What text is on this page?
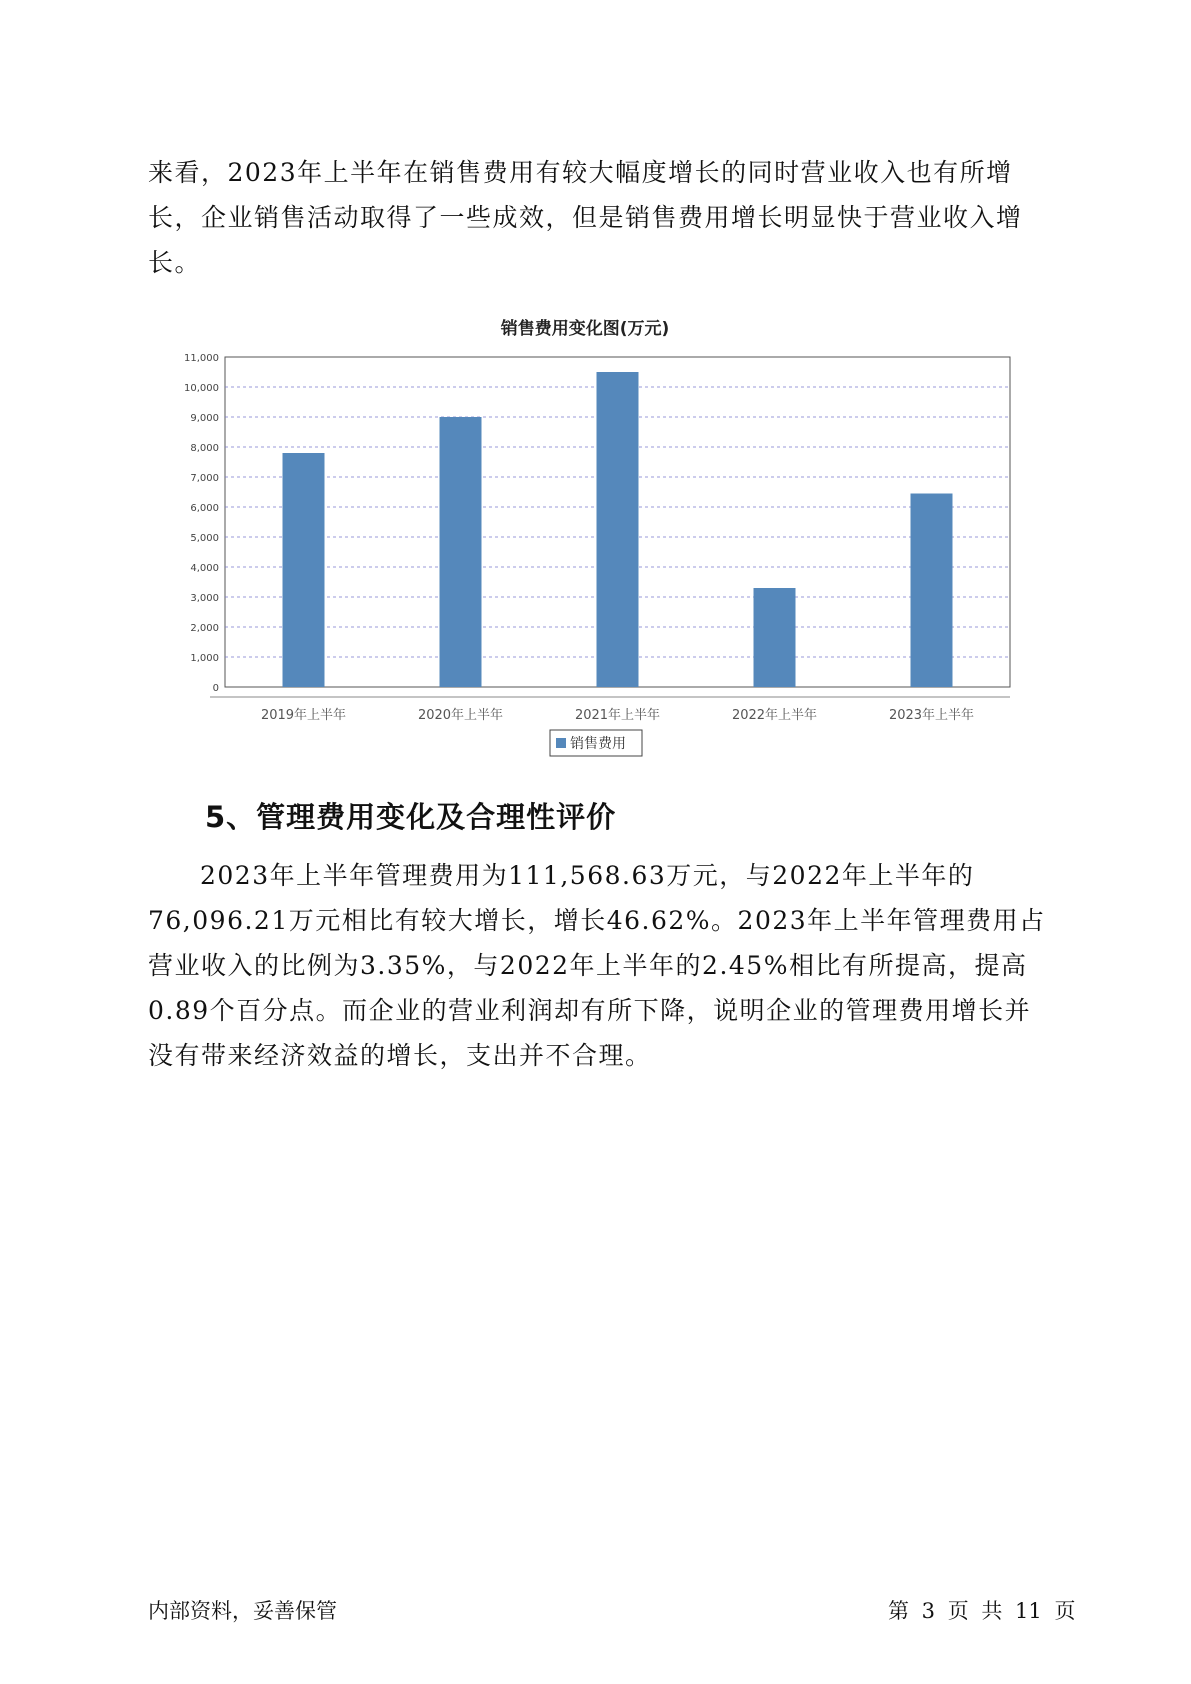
来看，2023年上半年在销售费用有较大幅度增长的同时营业收入也有所增长，企业销售活动取得了一些成效，但是销售费用增长明显快于营业收入增长。

销售费用变化图(万元)
0
1,000
2,000
3,000
4,000
5,000
6,000
7,000
8,000
9,000
10,000
11,000
2019年上半年	2020年上半年	2021年上半年	2022年上半年	2023年上半年
销售费用
5、管理费用变化及合理性评价

2023年上半年管理费用为111,568.63万元，与2022年上半年的76,096.21万元相比有较大增长，增长46.62%。2023年上半年管理费用占营业收入的比例为3.35%，与2022年上半年的2.45%相比有所提高，提高0.89个百分点。而企业的营业利润却有所下降，说明企业的管理费用增长并没有带来经济效益的增长，支出并不合理。

内部资料，妥善保管	第 3 页 共 11 页
